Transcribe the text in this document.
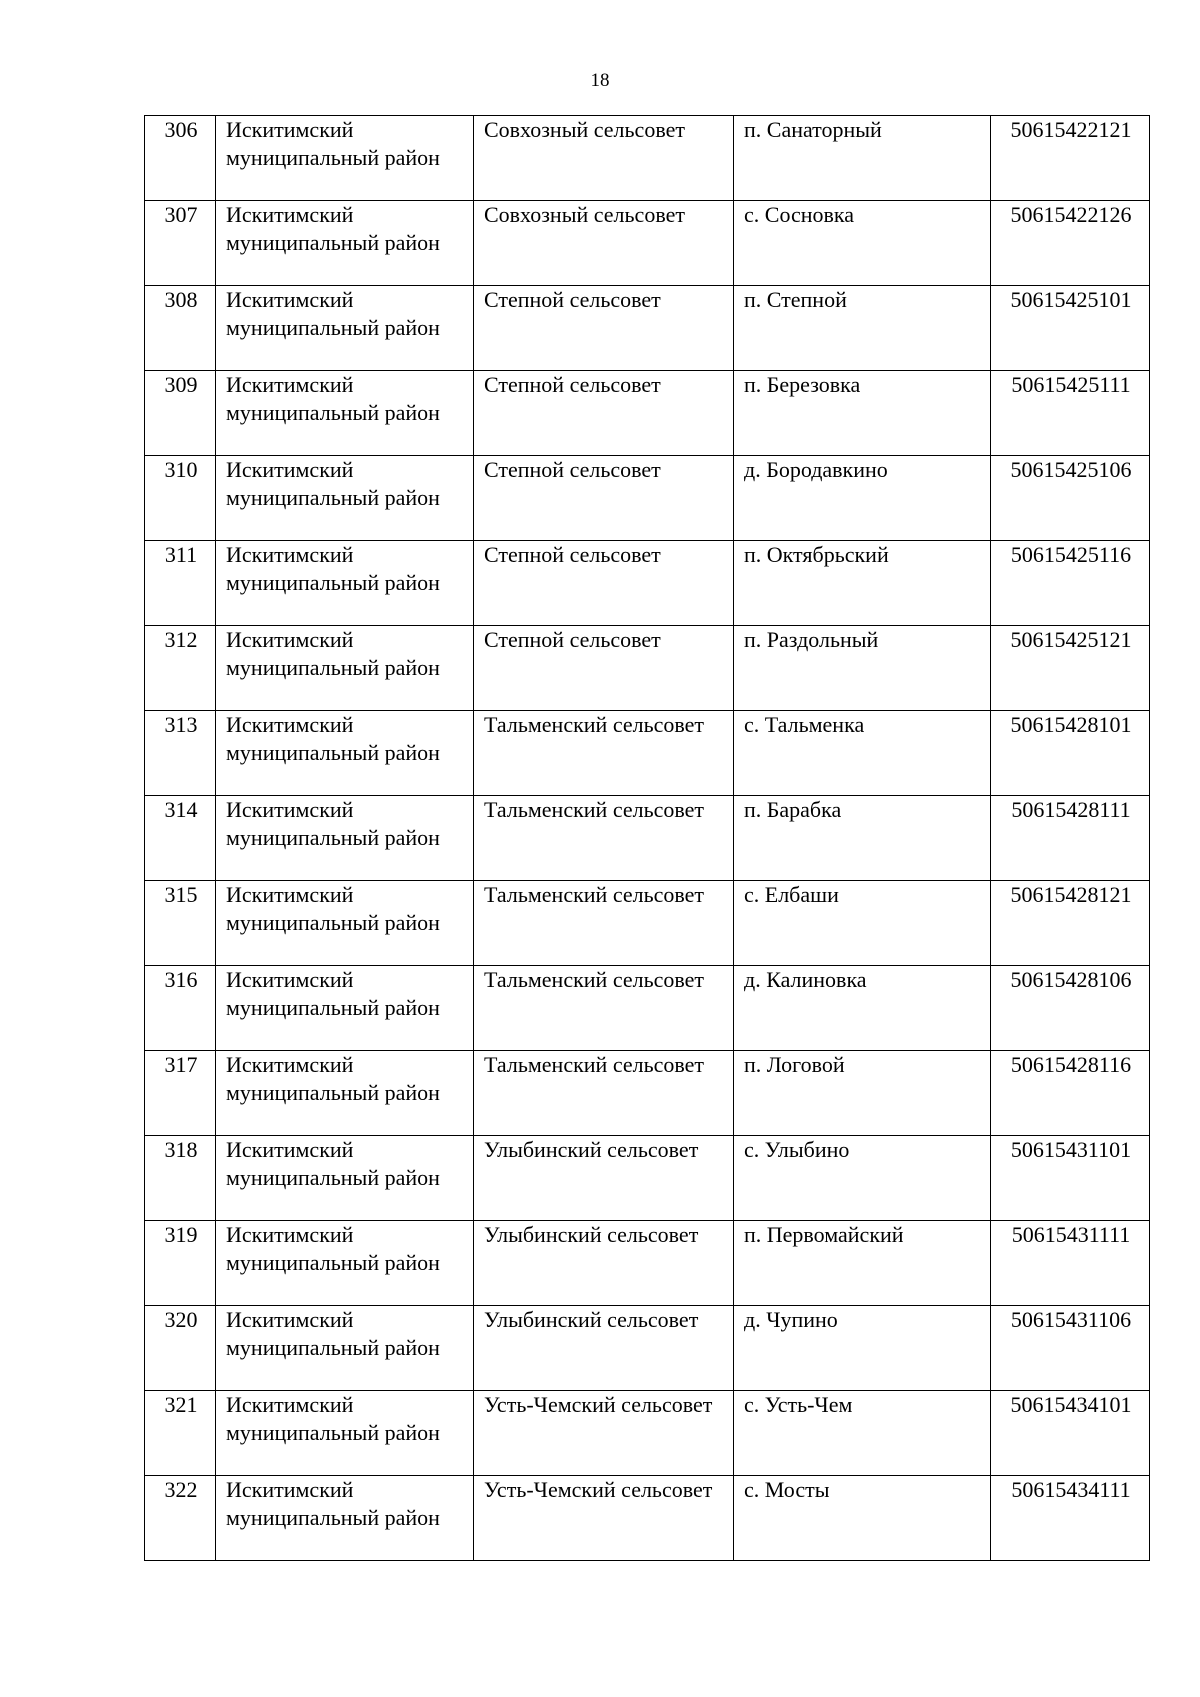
18
306	Искитимский муниципальный район	Совхозный сельсовет	п. Санаторный	50615422121

307	Искитимский муниципальный район	Совхозный сельсовет	с. Сосновка	50615422126

308	Искитимский муниципальный район	Степной сельсовет	п. Степной	50615425101

309	Искитимский муниципальный район	Степной сельсовет	п. Березовка	50615425111

310	Искитимский муниципальный район	Степной сельсовет	д. Бородавкино	50615425106

311	Искитимский муниципальный район	Степной сельсовет	п. Октябрьский	50615425116

312	Искитимский муниципальный район	Степной сельсовет	п. Раздольный	50615425121

313	Искитимский муниципальный район	Тальменский сельсовет	с. Тальменка	50615428101

314	Искитимский муниципальный район	Тальменский сельсовет	п. Барабка	50615428111

315	Искитимский муниципальный район	Тальменский сельсовет	с. Елбаши	50615428121

316	Искитимский муниципальный район	Тальменский сельсовет	д. Калиновка	50615428106

317	Искитимский муниципальный район	Тальменский сельсовет	п. Логовой	50615428116

318	Искитимский муниципальный район	Улыбинский сельсовет	с. Улыбино	50615431101

319	Искитимский муниципальный район	Улыбинский сельсовет	п. Первомайский	50615431111

320	Искитимский муниципальный район	Улыбинский сельсовет	д. Чупино	50615431106

321	Искитимский муниципальный район	Усть-Чемский сельсовет	с. Усть-Чем	50615434101

322	Искитимский муниципальный район	Усть-Чемский сельсовет	с. Мосты	50615434111
